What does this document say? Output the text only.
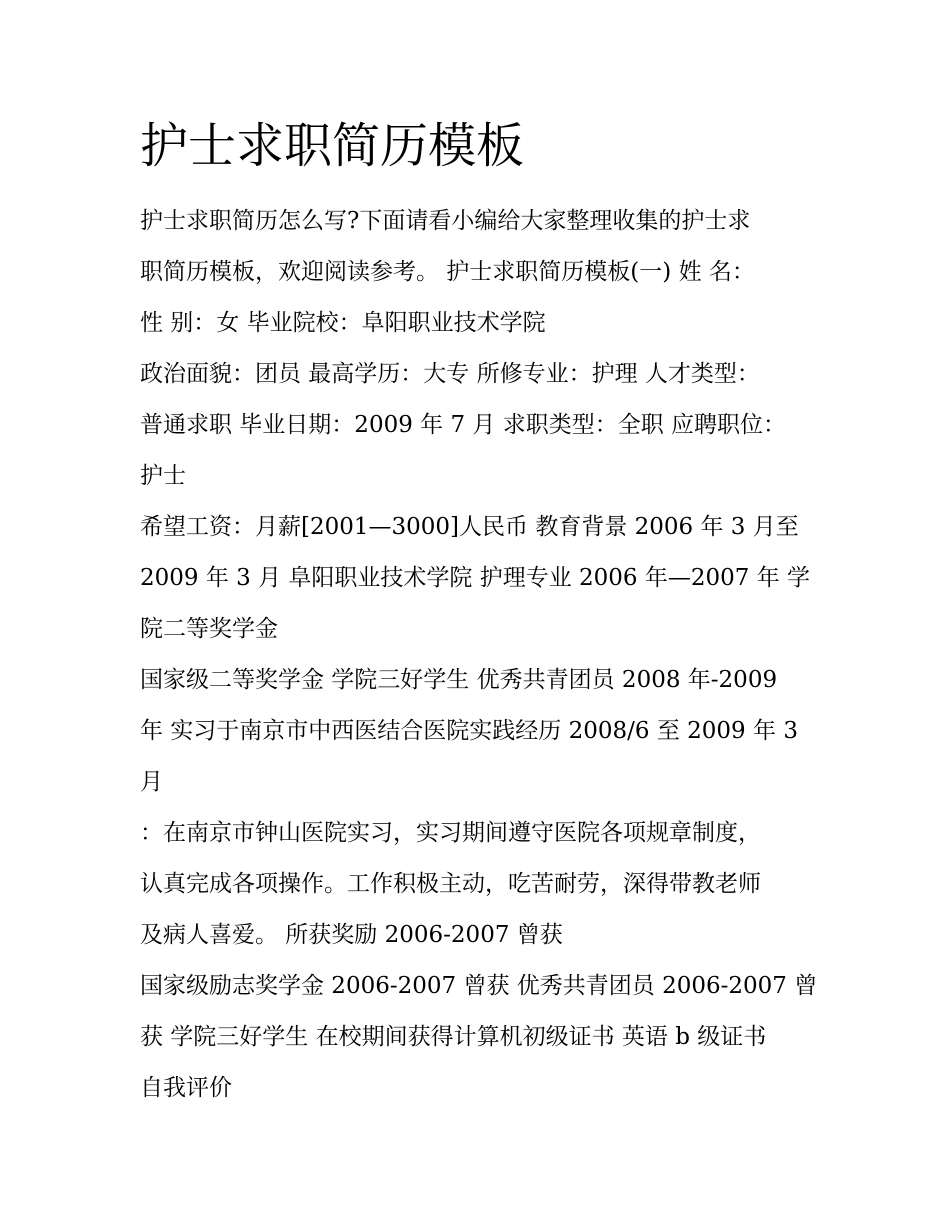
护士求职简历模板
护士求职简历怎么写?下面请看小编给大家整理收集的护士求
职简历模板，欢迎阅读参考。 护士求职简历模板(一) 姓 名：
性 别：女 毕业院校：阜阳职业技术学院
政治面貌：团员 最高学历：大专 所修专业：护理 人才类型：
普通求职 毕业日期：2009 年 7 月 求职类型：全职 应聘职位：
护士
希望工资：月薪[2001—3000]人民币 教育背景 2006 年 3 月至
2009 年 3 月 阜阳职业技术学院 护理专业 2006 年—2007 年 学
院二等奖学金
国家级二等奖学金 学院三好学生 优秀共青团员 2008 年-2009
年 实习于南京市中西医结合医院实践经历 2008/6 至 2009 年 3
月
：在南京市钟山医院实习，实习期间遵守医院各项规章制度，
认真完成各项操作。工作积极主动，吃苦耐劳，深得带教老师
及病人喜爱。 所获奖励 2006-2007 曾获
国家级励志奖学金 2006-2007 曾获 优秀共青团员 2006-2007 曾
获 学院三好学生 在校期间获得计算机初级证书 英语 b 级证书
自我评价
